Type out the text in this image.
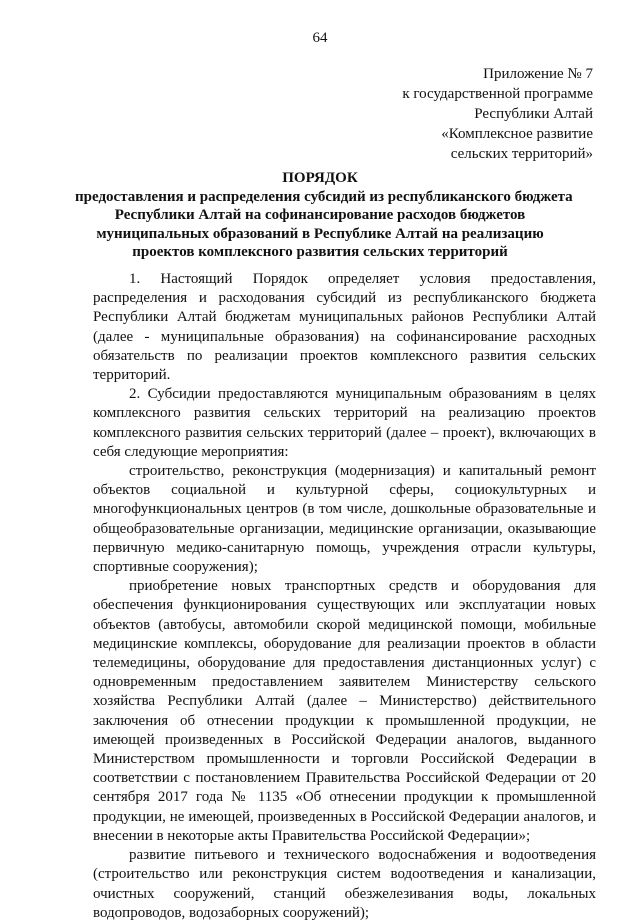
64
Приложение № 7
к государственной программе
Республики Алтай
«Комплексное развитие
сельских территорий»
ПОРЯДОК
предоставления и распределения субсидий из республиканского бюджета
Республики Алтай на софинансирование расходов бюджетов
муниципальных образований в Республике Алтай на реализацию
проектов комплексного развития сельских территорий

1. Настоящий Порядок определяет условия предоставления, распределения и расходования субсидий из республиканского бюджета Республики Алтай бюджетам муниципальных районов Республики Алтай (далее - муниципальные образования) на софинансирование расходных обязательств по реализации проектов комплексного развития сельских территорий.

2. Субсидии предоставляются муниципальным образованиям в целях комплексного развития сельских территорий на реализацию проектов комплексного развития сельских территорий (далее – проект), включающих в себя следующие мероприятия:

строительство, реконструкция (модернизация) и капитальный ремонт объектов социальной и культурной сферы, социокультурных и многофункциональных центров (в том числе, дошкольные образовательные и общеобразовательные организации, медицинские организации, оказывающие первичную медико-санитарную помощь, учреждения отрасли культуры, спортивные сооружения);

приобретение новых транспортных средств и оборудования для обеспечения функционирования существующих или эксплуатации новых объектов (автобусы, автомобили скорой медицинской помощи, мобильные медицинские комплексы, оборудование для реализации проектов в области телемедицины, оборудование для предоставления дистанционных услуг) с одновременным предоставлением заявителем Министерству сельского хозяйства Республики Алтай (далее – Министерство) действительного заключения об отнесении продукции к промышленной продукции, не имеющей произведенных в Российской Федерации аналогов, выданного Министерством промышленности и торговли Российской Федерации в соответствии с постановлением Правительства Российской Федерации от 20 сентября 2017 года № 1135 «Об отнесении продукции к промышленной продукции, не имеющей, произведенных в Российской Федерации аналогов, и внесении в некоторые акты Правительства Российской Федерации»;

развитие питьевого и технического водоснабжения и водоотведения (строительство или реконструкция систем водоотведения и канализации, очистных сооружений, станций обезжелезивания воды, локальных водопроводов, водозаборных сооружений);
